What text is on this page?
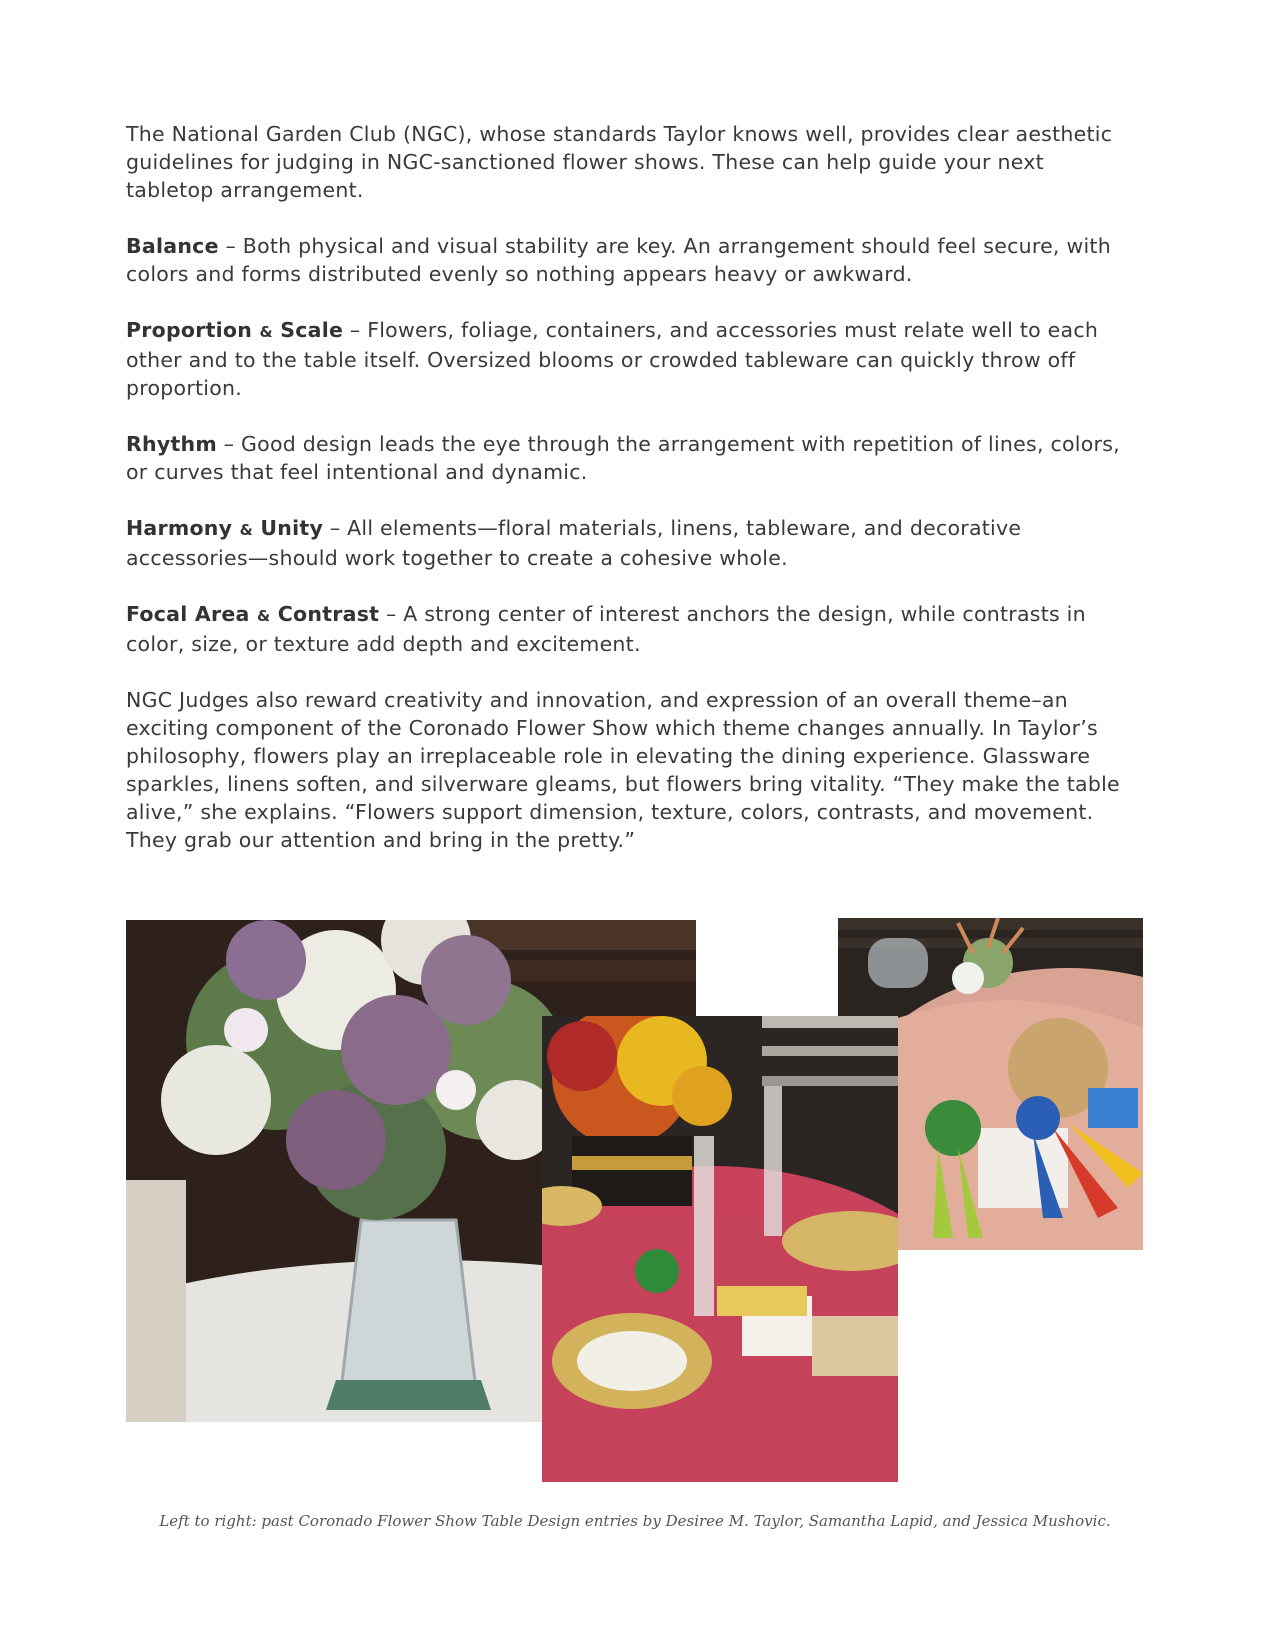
The National Garden Club (NGC), whose standards Taylor knows well, provides clear aesthetic guidelines for judging in NGC-sanctioned flower shows. These can help guide your next tabletop arrangement.

Balance – Both physical and visual stability are key. An arrangement should feel secure, with colors and forms distributed evenly so nothing appears heavy or awkward.

Proportion & Scale – Flowers, foliage, containers, and accessories must relate well to each other and to the table itself. Oversized blooms or crowded tableware can quickly throw off proportion.

Rhythm – Good design leads the eye through the arrangement with repetition of lines, colors, or curves that feel intentional and dynamic.

Harmony & Unity – All elements—floral materials, linens, tableware, and decorative accessories—should work together to create a cohesive whole.

Focal Area & Contrast – A strong center of interest anchors the design, while contrasts in color, size, or texture add depth and excitement.

NGC Judges also reward creativity and innovation, and expression of an overall theme–an exciting component of the Coronado Flower Show which theme changes annually. In Taylor’s philosophy, flowers play an irreplaceable role in elevating the dining experience. Glassware sparkles, linens soften, and silverware gleams, but flowers bring vitality. “They make the table alive,” she explains. “Flowers support dimension, texture, colors, contrasts, and movement. They grab our attention and bring in the pretty.”

Left to right: past Coronado Flower Show Table Design entries by Desiree M. Taylor, Samantha Lapid, and Jessica Mushovic.
